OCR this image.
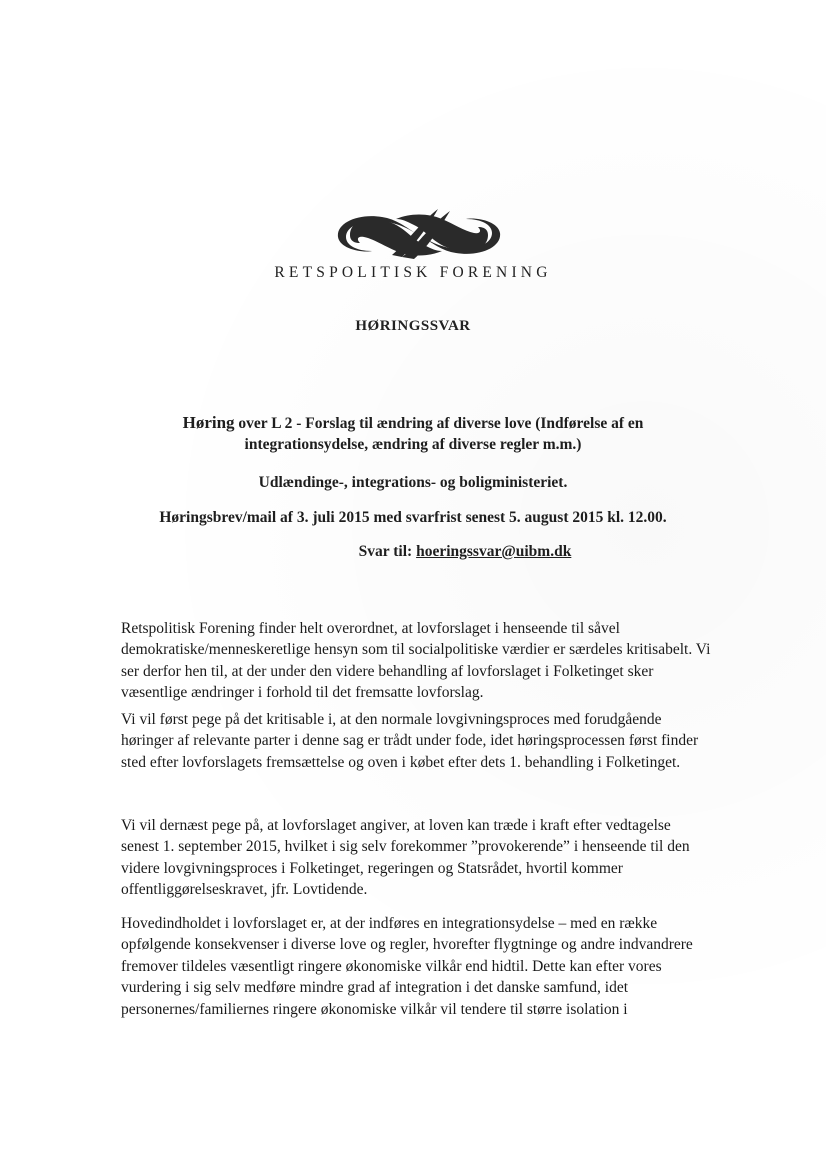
RETSPOLITISK FORENING
HØRINGSSVAR
Høring over L 2 - Forslag til ændring af diverse love (Indførelse af en
integrationsydelse, ændring af diverse regler m.m.)
Udlændinge-, integrations- og boligministeriet.
Høringsbrev/mail af 3. juli 2015 med svarfrist senest 5. august 2015 kl. 12.00.
Svar til: hoeringssvar@uibm.dk

Retspolitisk Forening finder helt overordnet, at lovforslaget i henseende til såvel demokratiske/menneskeretlige hensyn som til socialpolitiske værdier er særdeles kritisabelt. Vi ser derfor hen til, at der under den videre behandling af lovforslaget i Folketinget sker væsentlige ændringer i forhold til det fremsatte lovforslag.

Vi vil først pege på det kritisable i, at den normale lovgivningsproces med forudgående høringer af relevante parter i denne sag er trådt under fode, idet høringsprocessen først finder sted efter lovforslagets fremsættelse og oven i købet efter dets 1. behandling i Folketinget.

Vi vil dernæst pege på, at lovforslaget angiver, at loven kan træde i kraft efter vedtagelse senest 1. september 2015, hvilket i sig selv forekommer ”provokerende” i henseende til den videre lovgivningsproces i Folketinget, regeringen og Statsrådet, hvortil kommer offentliggørelseskravet, jfr. Lovtidende.

Hovedindholdet i lovforslaget er, at der indføres en integrationsydelse – med en række opfølgende konsekvenser i diverse love og regler, hvorefter flygtninge og andre indvandrere fremover tildeles væsentligt ringere økonomiske vilkår end hidtil. Dette kan efter vores vurdering i sig selv medføre mindre grad af integration i det danske samfund, idet personernes/familiernes ringere økonomiske vilkår vil tendere til større isolation i
